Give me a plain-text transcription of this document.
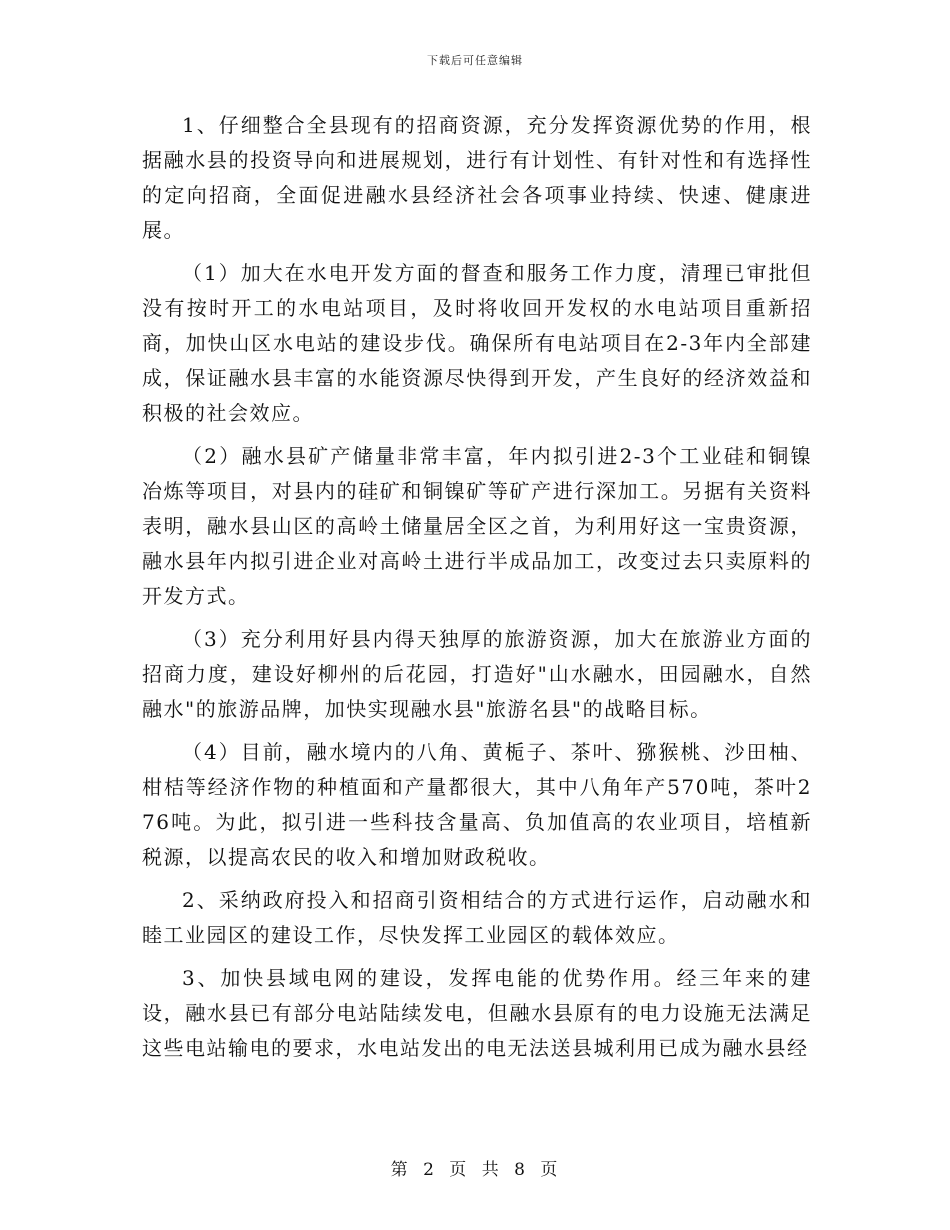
下载后可任意编辑

1、仔细整合全县现有的招商资源，充分发挥资源优势的作用，根据融水县的投资导向和进展规划，进行有计划性、有针对性和有选择性的定向招商，全面促进融水县经济社会各项事业持续、快速、健康进展。

（1）加大在水电开发方面的督查和服务工作力度，清理已审批但没有按时开工的水电站项目，及时将收回开发权的水电站项目重新招商，加快山区水电站的建设步伐。确保所有电站项目在2-3年内全部建成，保证融水县丰富的水能资源尽快得到开发，产生良好的经济效益和积极的社会效应。

（2）融水县矿产储量非常丰富，年内拟引进2-3个工业硅和铜镍冶炼等项目，对县内的硅矿和铜镍矿等矿产进行深加工。另据有关资料表明，融水县山区的高岭土储量居全区之首，为利用好这一宝贵资源，融水县年内拟引进企业对高岭土进行半成品加工，改变过去只卖原料的开发方式。

（3）充分利用好县内得天独厚的旅游资源，加大在旅游业方面的招商力度，建设好柳州的后花园，打造好"山水融水，田园融水，自然融水"的旅游品牌，加快实现融水县"旅游名县"的战略目标。

（4）目前，融水境内的八角、黄栀子、茶叶、猕猴桃、沙田柚、柑桔等经济作物的种植面和产量都很大，其中八角年产570吨，茶叶276吨。为此，拟引进一些科技含量高、负加值高的农业项目，培植新税源，以提高农民的收入和增加财政税收。

2、采纳政府投入和招商引资相结合的方式进行运作，启动融水和睦工业园区的建设工作，尽快发挥工业园区的载体效应。

3、加快县域电网的建设，发挥电能的优势作用。经三年来的建设，融水县已有部分电站陆续发电，但融水县原有的电力设施无法满足这些电站输电的要求，水电站发出的电无法送县城利用已成为融水县经

第 2 页 共 8 页
